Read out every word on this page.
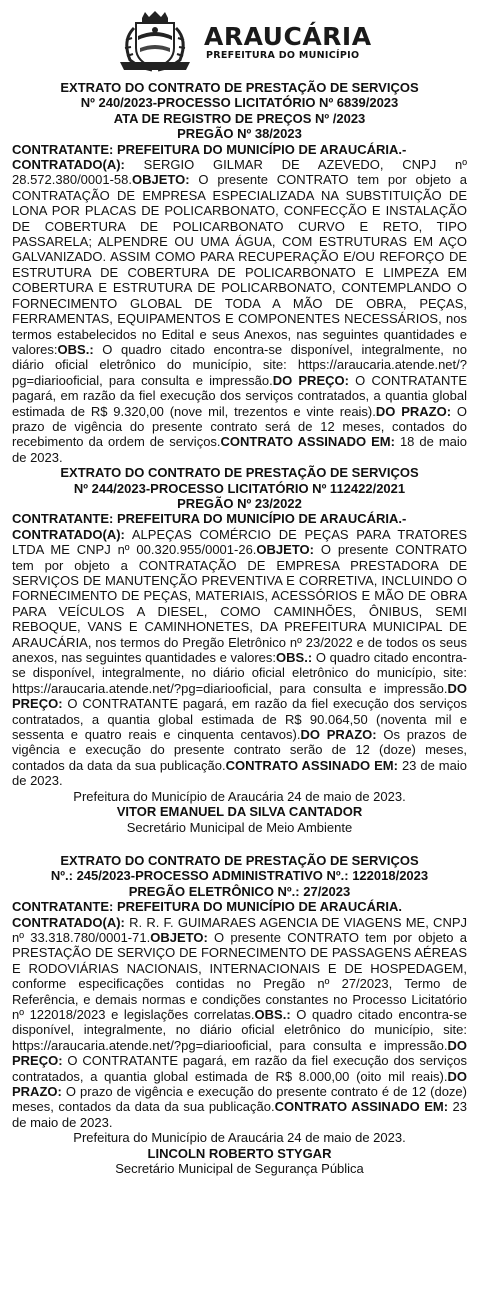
ARAUCÁRIA
PREFEITURA DO MUNICÍPIO
EXTRATO DO CONTRATO DE PRESTAÇÃO DE SERVIÇOS
Nº 240/2023-PROCESSO LICITATÓRIO Nº 6839/2023
ATA DE REGISTRO DE PREÇOS Nº /2023
PREGÃO Nº 38/2023
CONTRATANTE: PREFEITURA DO MUNICÍPIO DE ARAUCÁRIA.-
CONTRATADO(A): SERGIO GILMAR DE AZEVEDO, CNPJ nº 28.572.380/0001-58.OBJETO: O presente CONTRATO tem por objeto a CONTRATAÇÃO DE EMPRESA ESPECIALIZADA NA SUBSTITUIÇÃO DE LONA POR PLACAS DE POLICARBONATO, CONFECÇÃO E INSTALAÇÃO DE COBERTURA DE POLICARBONATO CURVO E RETO, TIPO PASSARELA; ALPENDRE OU UMA ÁGUA, COM ESTRUTURAS EM AÇO GALVANIZADO. ASSIM COMO PARA RECUPERAÇÃO E/OU REFORÇO DE ESTRUTURA DE COBERTURA DE POLICARBONATO E LIMPEZA EM COBERTURA E ESTRUTURA DE POLICARBONATO, CONTEMPLANDO O FORNECIMENTO GLOBAL DE TODA A MÃO DE OBRA, PEÇAS, FERRAMENTAS, EQUIPAMENTOS E COMPONENTES NECESSÁRIOS, nos termos estabelecidos no Edital e seus Anexos, nas seguintes quantidades e valores:OBS.: O quadro citado encontra-se disponível, integralmente, no diário oficial eletrônico do município, site: https://araucaria.atende.net/?pg=diariooficial, para consulta e impressão.DO PREÇO: O CONTRATANTE pagará, em razão da fiel execução dos serviços contratados, a quantia global estimada de R$ 9.320,00 (nove mil, trezentos e vinte reais).DO PRAZO: O prazo de vigência do presente contrato será de 12 meses, contados do recebimento da ordem de serviços.CONTRATO ASSINADO EM: 18 de maio de 2023.
EXTRATO DO CONTRATO DE PRESTAÇÃO DE SERVIÇOS
Nº 244/2023-PROCESSO LICITATÓRIO Nº 112422/2021
PREGÃO Nº 23/2022
CONTRATANTE: PREFEITURA DO MUNICÍPIO DE ARAUCÁRIA.-
CONTRATADO(A): ALPEÇAS COMÉRCIO DE PEÇAS PARA TRATORES LTDA ME CNPJ nº 00.320.955/0001-26.OBJETO: O presente CONTRATO tem por objeto a CONTRATAÇÃO DE EMPRESA PRESTADORA DE SERVIÇOS DE MANUTENÇÃO PREVENTIVA E CORRETIVA, INCLUINDO O FORNECIMENTO DE PEÇAS, MATERIAIS, ACESSÓRIOS E MÃO DE OBRA PARA VEÍCULOS A DIESEL, COMO CAMINHÕES, ÔNIBUS, SEMI REBOQUE, VANS E CAMINHONETES, DA PREFEITURA MUNICIPAL DE ARAUCÁRIA, nos termos do Pregão Eletrônico nº 23/2022 e de todos os seus anexos, nas seguintes quantidades e valores:OBS.: O quadro citado encontra-se disponível, integralmente, no diário oficial eletrônico do município, site: https://araucaria.atende.net/?pg=diariooficial, para consulta e impressão.DO PREÇO: O CONTRATANTE pagará, em razão da fiel execução dos serviços contratados, a quantia global estimada de R$ 90.064,50 (noventa mil e sessenta e quatro reais e cinquenta centavos).DO PRAZO: Os prazos de vigência e execução do presente contrato serão de 12 (doze) meses, contados da data da sua publicação.CONTRATO ASSINADO EM: 23 de maio de 2023.
Prefeitura do Município de Araucária 24 de maio de 2023.
VITOR EMANUEL DA SILVA CANTADOR
Secretário Municipal de Meio Ambiente
EXTRATO DO CONTRATO DE PRESTAÇÃO DE SERVIÇOS
Nº.: 245/2023-PROCESSO ADMINISTRATIVO Nº.: 122018/2023
PREGÃO ELETRÔNICO Nº.: 27/2023
CONTRATANTE: PREFEITURA DO MUNICÍPIO DE ARAUCÁRIA.
CONTRATADO(A): R. R. F. GUIMARAES AGENCIA DE VIAGENS ME, CNPJ nº 33.318.780/0001-71.OBJETO: O presente CONTRATO tem por objeto a PRESTAÇÃO DE SERVIÇO DE FORNECIMENTO DE PASSAGENS AÉREAS E RODOVIÁRIAS NACIONAIS, INTERNACIONAIS E DE HOSPEDAGEM, conforme especificações contidas no Pregão nº 27/2023, Termo de Referência, e demais normas e condições constantes no Processo Licitatório nº 122018/2023 e legislações correlatas.OBS.: O quadro citado encontra-se disponível, integralmente, no diário oficial eletrônico do município, site: https://araucaria.atende.net/?pg=diariooficial, para consulta e impressão.DO PREÇO: O CONTRATANTE pagará, em razão da fiel execução dos serviços contratados, a quantia global estimada de R$ 8.000,00 (oito mil reais).DO PRAZO: O prazo de vigência e execução do presente contrato é de 12 (doze) meses, contados da data da sua publicação.CONTRATO ASSINADO EM: 23 de maio de 2023.
Prefeitura do Município de Araucária 24 de maio de 2023.
LINCOLN ROBERTO STYGAR
Secretário Municipal de Segurança Pública
